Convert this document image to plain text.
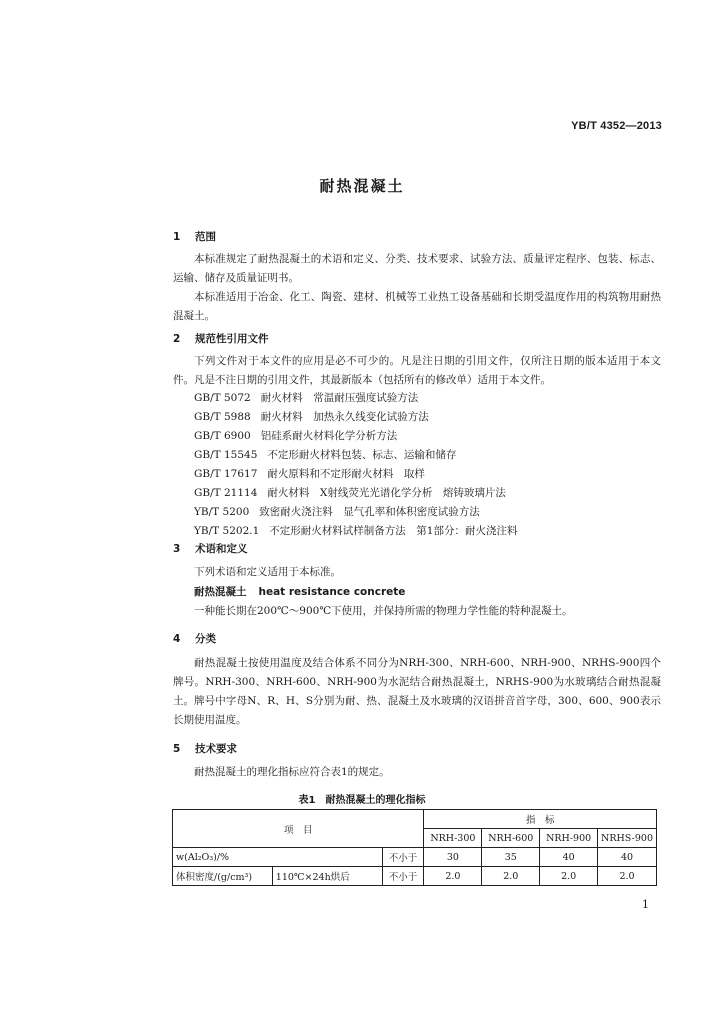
YB/T 4352—2013
耐热混凝土
1 范围
本标准规定了耐热混凝土的术语和定义、分类、技术要求、试验方法、质量评定程序、包装、标志、运输、储存及质量证明书。
本标准适用于冶金、化工、陶瓷、建材、机械等工业热工设备基础和长期受温度作用的构筑物用耐热混凝土。
2 规范性引用文件
下列文件对于本文件的应用是必不可少的。凡是注日期的引用文件，仅所注日期的版本适用于本文件。凡是不注日期的引用文件，其最新版本（包括所有的修改单）适用于本文件。
GB/T 5072 耐火材料　常温耐压强度试验方法
GB/T 5988 耐火材料　加热永久线变化试验方法
GB/T 6900 铝硅系耐火材料化学分析方法
GB/T 15545 不定形耐火材料包装、标志、运输和储存
GB/T 17617 耐火原料和不定形耐火材料　取样
GB/T 21114 耐火材料　X射线荧光光谱化学分析　熔铸玻璃片法
YB/T 5200 致密耐火浇注料　显气孔率和体积密度试验方法
YB/T 5202.1 不定形耐火材料试样制备方法　第1部分：耐火浇注料
3 术语和定义
下列术语和定义适用于本标准。
耐热混凝土 heat resistance concrete
一种能长期在200℃～900℃下使用，并保持所需的物理力学性能的特种混凝土。
4 分类
耐热混凝土按使用温度及结合体系不同分为NRH-300、NRH-600、NRH-900、NRHS-900四个牌号。NRH-300、NRH-600、NRH-900为水泥结合耐热混凝土，NRHS-900为水玻璃结合耐热混凝土。 牌号中字母N、R、H、S分别为耐、热、混凝土及水玻璃的汉语拼音首字母，300、600、900表示长期使用温度。
5 技术要求
耐热混凝土的理化指标应符合表1的规定。
表1　耐热混凝土的理化指标
项　目			指　标			
			NRH-300	NRH-600	NRH-900	NRHS-900
w(Al₂O₃)/%		不小于	30	35	40	40
体积密度/(g/cm³)	110℃×24h烘后	不小于	2.0	2.0	2.0	2.0
1
